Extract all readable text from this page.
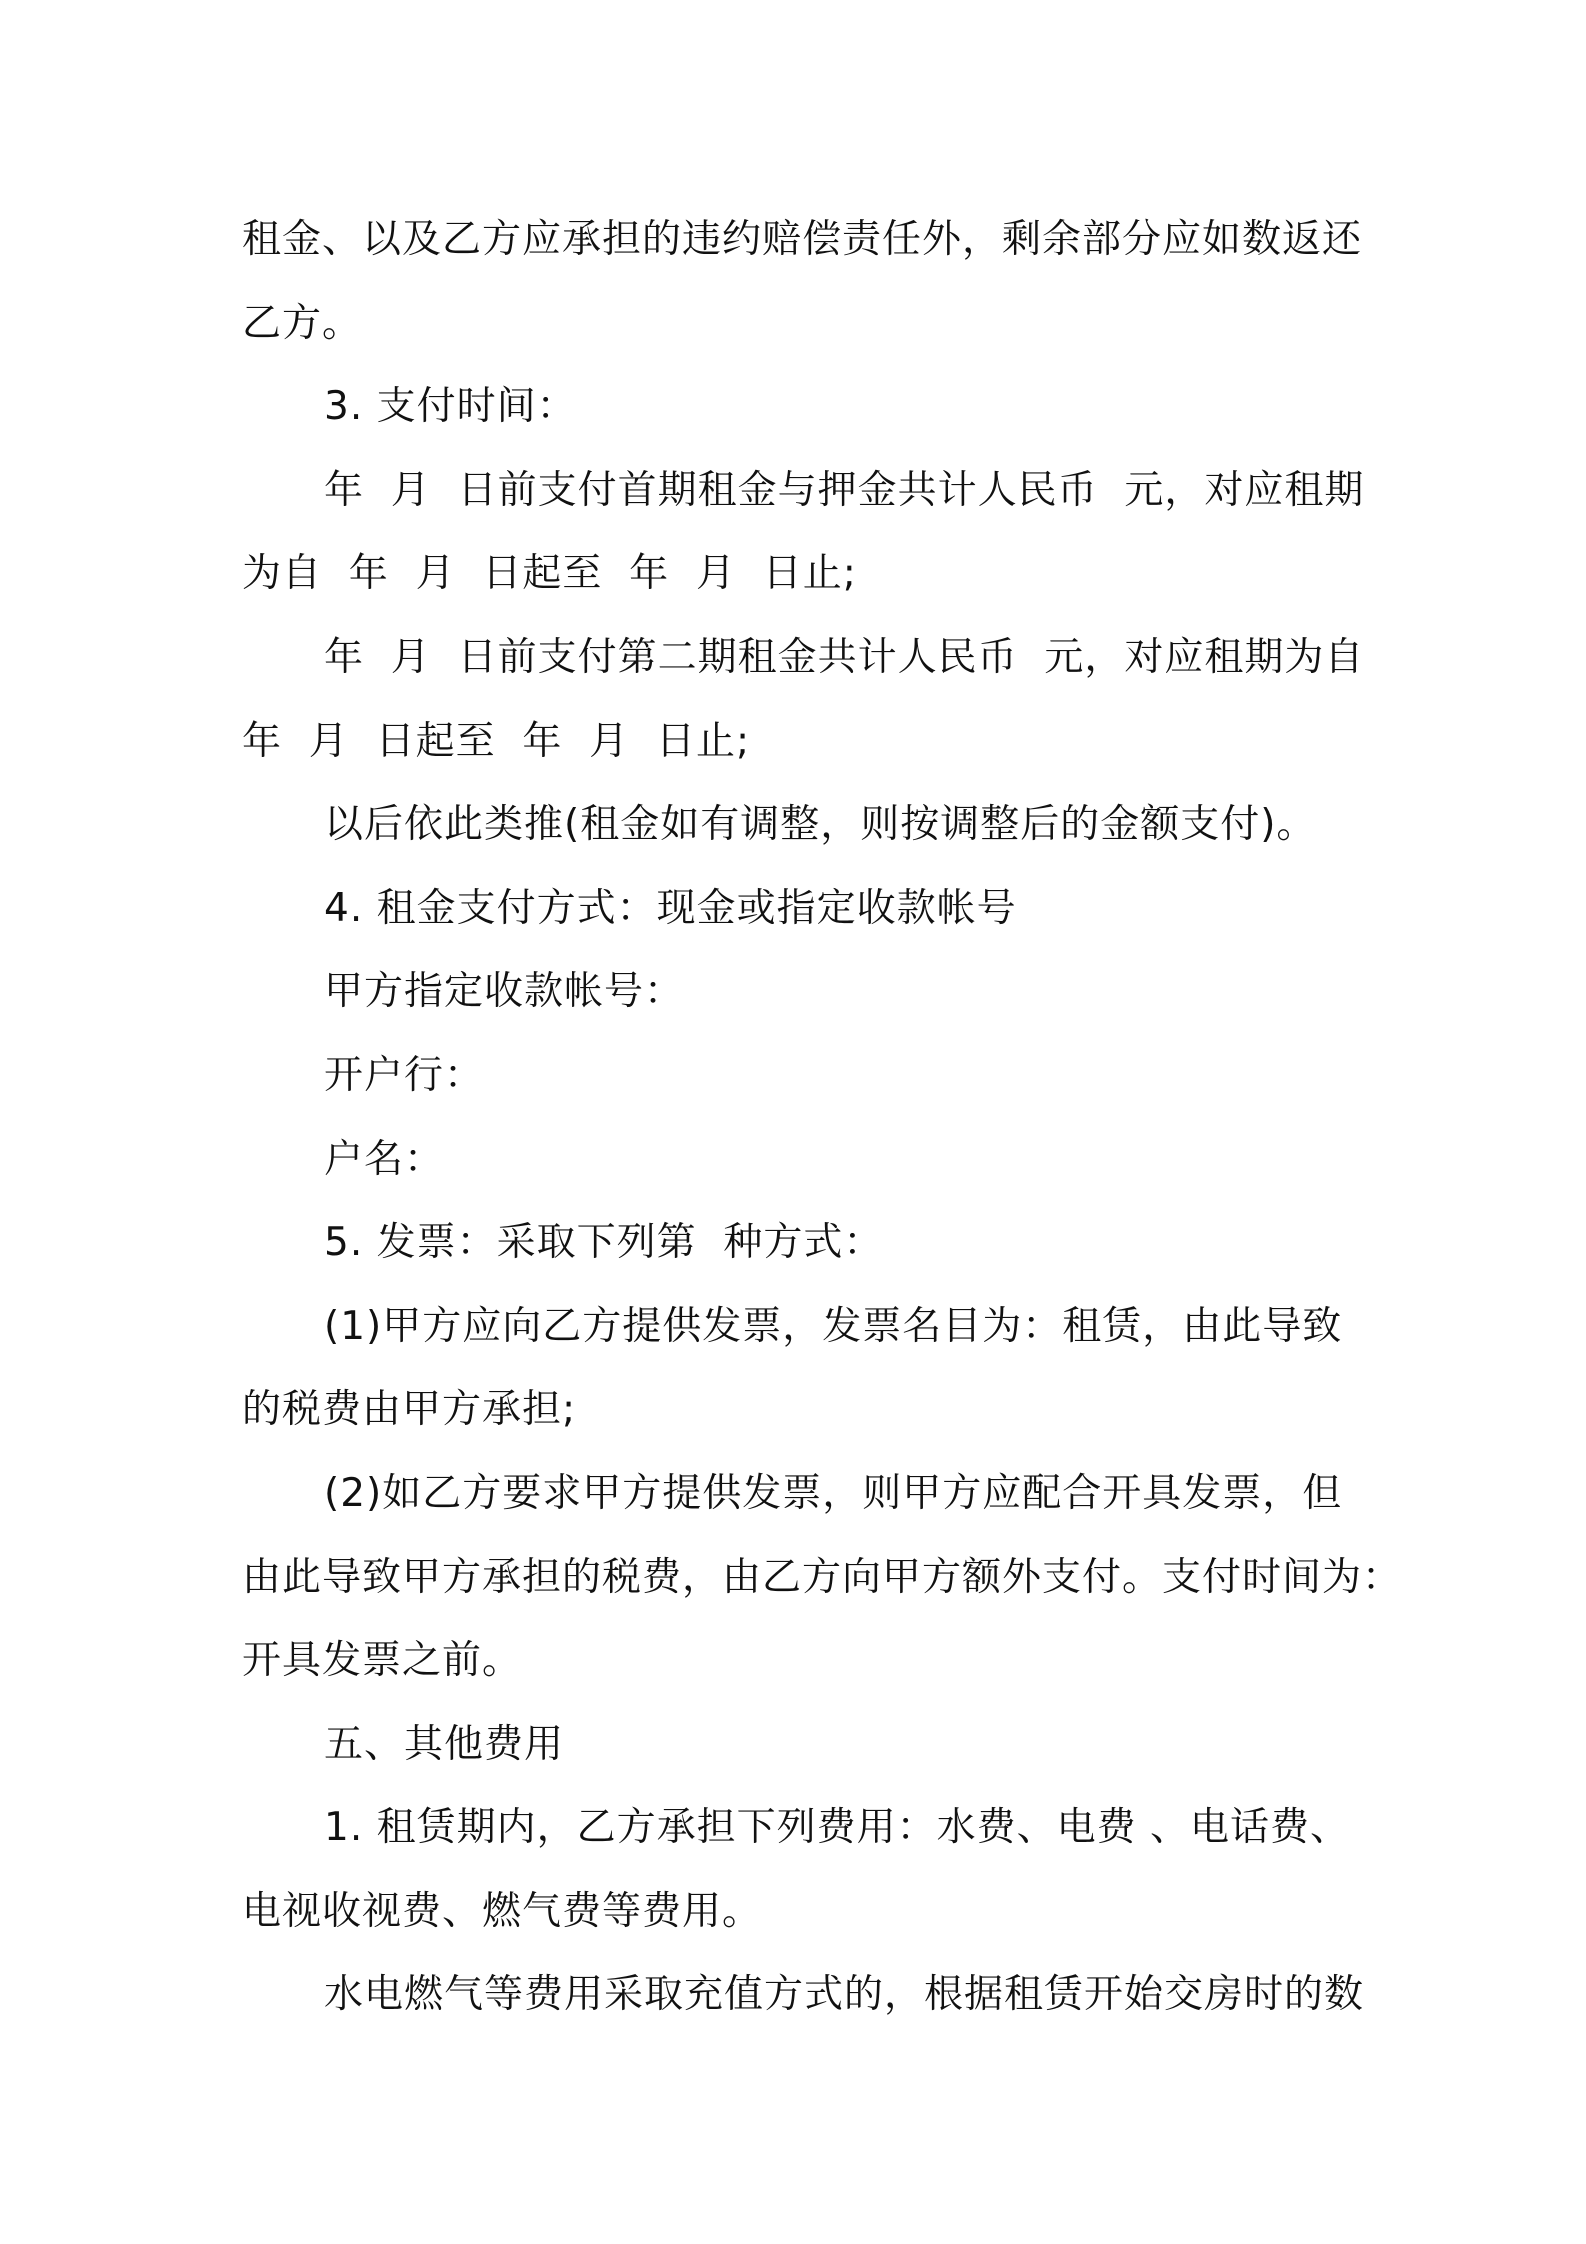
租金、以及乙方应承担的违约赔偿责任外，剩余部分应如数返还
乙方。
3. 支付时间：
年  月  日前支付首期租金与押金共计人民币  元，对应租期
为自  年  月  日起至  年  月  日止;
年  月  日前支付第二期租金共计人民币  元，对应租期为自
年  月  日起至  年  月  日止;
以后依此类推(租金如有调整，则按调整后的金额支付)。
4. 租金支付方式：现金或指定收款帐号
甲方指定收款帐号：
开户行：
户名：
5. 发票：采取下列第  种方式：
(1)甲方应向乙方提供发票，发票名目为：租赁，由此导致
的税费由甲方承担;
(2)如乙方要求甲方提供发票，则甲方应配合开具发票，但
由此导致甲方承担的税费，由乙方向甲方额外支付。支付时间为：
开具发票之前。
五、其他费用
1. 租赁期内，乙方承担下列费用：水费、电费 、电话费、
电视收视费、燃气费等费用。
水电燃气等费用采取充值方式的，根据租赁开始交房时的数
